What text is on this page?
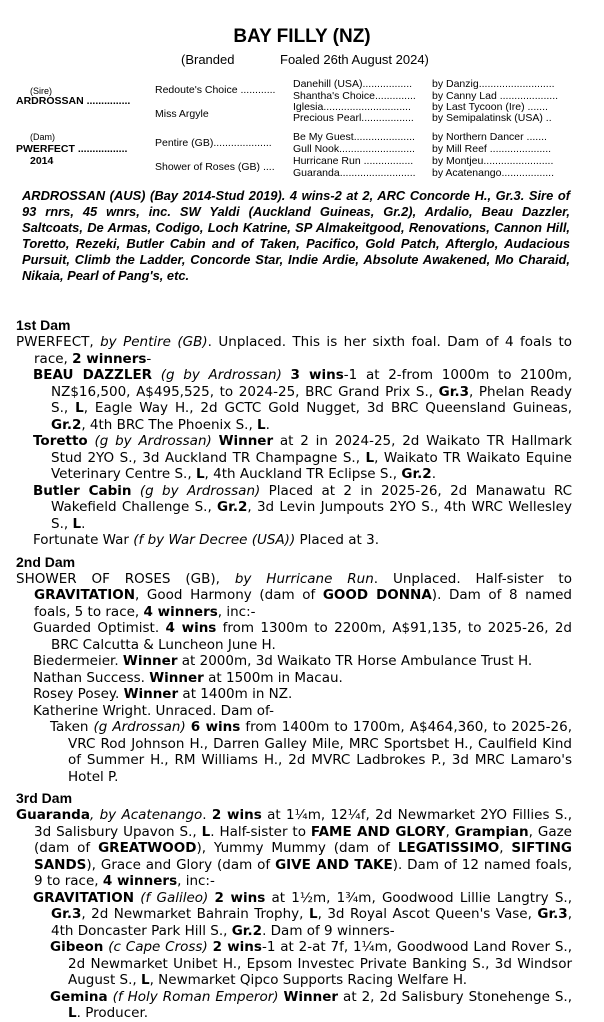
BAY FILLY (NZ)
(Branded	Foaled 26th August 2024)
(Sire)
ARDROSSAN ...............
(Dam)
PWERFECT .................
2014
Redoute's Choice ............
Miss Argyle
Pentire (GB)....................
Shower of Roses (GB) ....
Danehill (USA).................
Shantha's Choice..............
Iglesia..............................
Precious Pearl..................
Be My Guest.....................
Gull Nook..........................
Hurricane Run .................
Guaranda..........................
by Danzig..........................
by Canny Lad ....................
by Last Tycoon (Ire) .......
by Semipalatinsk (USA) ..
by Northern Dancer .......
by Mill Reef .....................
by Montjeu........................
by Acatenango..................
ARDROSSAN (AUS) (Bay 2014-Stud 2019). 4 wins-2 at 2, ARC Concorde H., Gr.3. Sire of 93 rnrs, 45 wnrs, inc. SW Yaldi (Auckland Guineas, Gr.2), Ardalio, Beau Dazzler, Saltcoats, De Armas, Codigo, Loch Katrine, SP Almakeitgood, Renovations, Cannon Hill, Toretto, Rezeki, Butler Cabin and of Taken, Pacifico, Gold Patch, Afterglo, Audacious Pursuit, Climb the Ladder, Concorde Star, Indie Ardie, Absolute Awakened, Mo Charaid, Nikaia, Pearl of Pang's, etc.
1st Dam

PWERFECT, by Pentire (GB). Unplaced. This is her sixth foal. Dam of 4 foals to race, 2 winners-

BEAU DAZZLER (g by Ardrossan) 3 wins-1 at 2-from 1000m to 2100m, NZ$16,500, A$495,525, to 2024-25, BRC Grand Prix S., Gr.3, Phelan Ready S., L, Eagle Way H., 2d GCTC Gold Nugget, 3d BRC Queensland Guineas, Gr.2, 4th BRC The Phoenix S., L.

Toretto (g by Ardrossan) Winner at 2 in 2024-25, 2d Waikato TR Hallmark Stud 2YO S., 3d Auckland TR Champagne S., L, Waikato TR Waikato Equine Veterinary Centre S., L, 4th Auckland TR Eclipse S., Gr.2.

Butler Cabin (g by Ardrossan) Placed at 2 in 2025-26, 2d Manawatu RC Wakefield Challenge S., Gr.2, 3d Levin Jumpouts 2YO S., 4th WRC Wellesley S., L.

Fortunate War (f by War Decree (USA)) Placed at 3.

2nd Dam

SHOWER OF ROSES (GB), by Hurricane Run. Unplaced. Half-sister to GRAVITATION, Good Harmony (dam of GOOD DONNA). Dam of 8 named foals, 5 to race, 4 winners, inc:-

Guarded Optimist. 4 wins from 1300m to 2200m, A$91,135, to 2025-26, 2d BRC Calcutta & Luncheon June H.

Biedermeier. Winner at 2000m, 3d Waikato TR Horse Ambulance Trust H.

Nathan Success. Winner at 1500m in Macau.

Rosey Posey. Winner at 1400m in NZ.

Katherine Wright. Unraced. Dam of-

Taken (g Ardrossan) 6 wins from 1400m to 1700m, A$464,360, to 2025-26, VRC Rod Johnson H., Darren Galley Mile, MRC Sportsbet H., Caulfield Kind of Summer H., RM Williams H., 2d MVRC Ladbrokes P., 3d MRC Lamaro's Hotel P.

3rd Dam

Guaranda, by Acatenango. 2 wins at 1¼m, 12¼f, 2d Newmarket 2YO Fillies S., 3d Salisbury Upavon S., L. Half-sister to FAME AND GLORY, Grampian, Gaze (dam of GREATWOOD), Yummy Mummy (dam of LEGATISSIMO, SIFTING SANDS), Grace and Glory (dam of GIVE AND TAKE). Dam of 12 named foals, 9 to race, 4 winners, inc:-

GRAVITATION (f Galileo) 2 wins at 1½m, 1¾m, Goodwood Lillie Langtry S., Gr.3, 2d Newmarket Bahrain Trophy, L, 3d Royal Ascot Queen's Vase, Gr.3, 4th Doncaster Park Hill S., Gr.2. Dam of 9 winners-

Gibeon (c Cape Cross) 2 wins-1 at 2-at 7f, 1¼m, Goodwood Land Rover S., 2d Newmarket Unibet H., Epsom Investec Private Banking S., 3d Windsor August S., L, Newmarket Qipco Supports Racing Welfare H.

Gemina (f Holy Roman Emperor) Winner at 2, 2d Salisbury Stonehenge S., L. Producer.
